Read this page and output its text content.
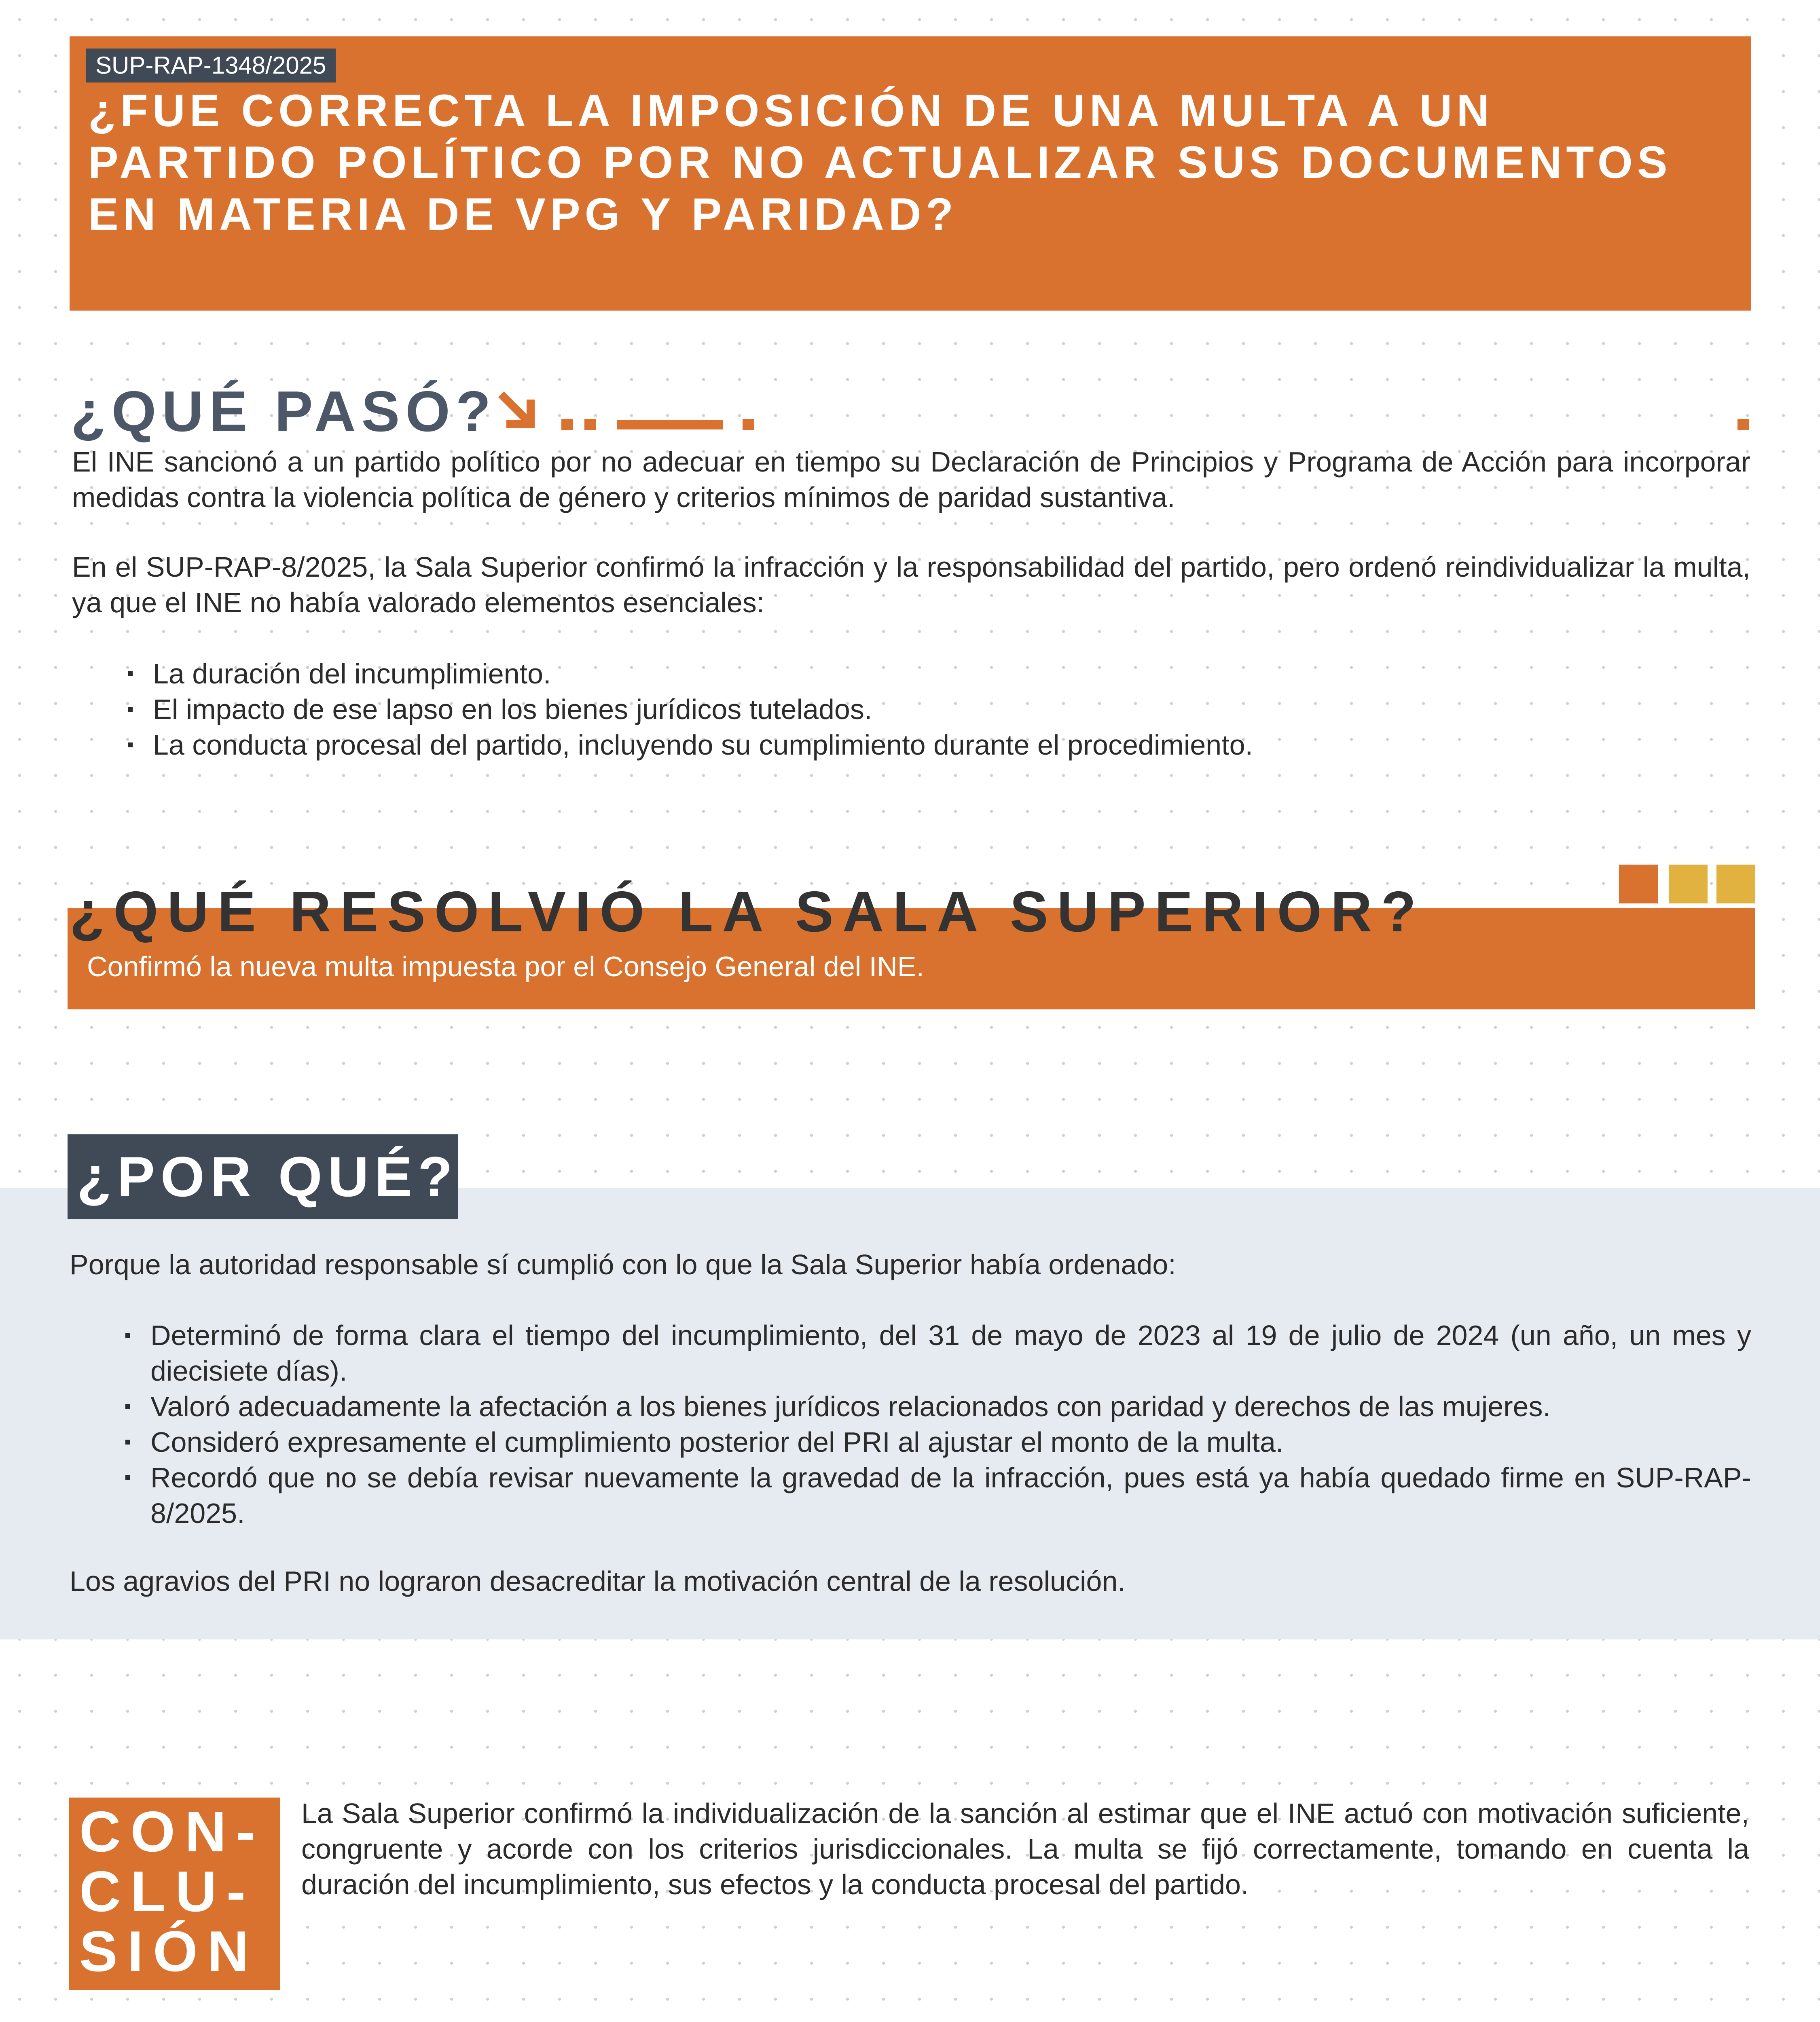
SUP-RAP-1348/2025
¿FUE CORRECTA LA IMPOSICIÓN DE UNA MULTA A UN PARTIDO POLÍTICO POR NO ACTUALIZAR SUS DOCUMENTOS EN MATERIA DE VPG Y PARIDAD?
¿QUÉ PASÓ?

El INE sancionó a un partido político por no adecuar en tiempo su Declaración de Principios y Programa de Acción para incorporar medidas contra la violencia política de género y criterios mínimos de paridad sustantiva.

En el SUP-RAP-8/2025, la Sala Superior confirmó la infracción y la responsabilidad del partido, pero ordenó reindividualizar la multa, ya que el INE no había valorado elementos esenciales:

La duración del incumplimiento.
El impacto de ese lapso en los bienes jurídicos tutelados.
La conducta procesal del partido, incluyendo su cumplimiento durante el procedimiento.
¿QUÉ RESOLVIÓ LA SALA SUPERIOR?

Confirmó la nueva multa impuesta por el Consejo General del INE.

¿POR QUÉ?

Porque la autoridad responsable sí cumplió con lo que la Sala Superior había ordenado:

Determinó de forma clara el tiempo del incumplimiento, del 31 de mayo de 2023 al 19 de julio de 2024 (un año, un mes y diecisiete días).
Valoró adecuadamente la afectación a los bienes jurídicos relacionados con paridad y derechos de las mujeres.
Consideró expresamente el cumplimiento posterior del PRI al ajustar el monto de la multa.
Recordó que no se debía revisar nuevamente la gravedad de la infracción, pues está ya había quedado firme en SUP-RAP-8/2025.

Los agravios del PRI no lograron desacreditar la motivación central de la resolución.

CON-

CLU-

SIÓN

La Sala Superior confirmó la individualización de la sanción al estimar que el INE actuó con motivación suficiente, congruente y acorde con los criterios jurisdiccionales. La multa se fijó correctamente, tomando en cuenta la duración del incumplimiento, sus efectos y la conducta procesal del partido.
